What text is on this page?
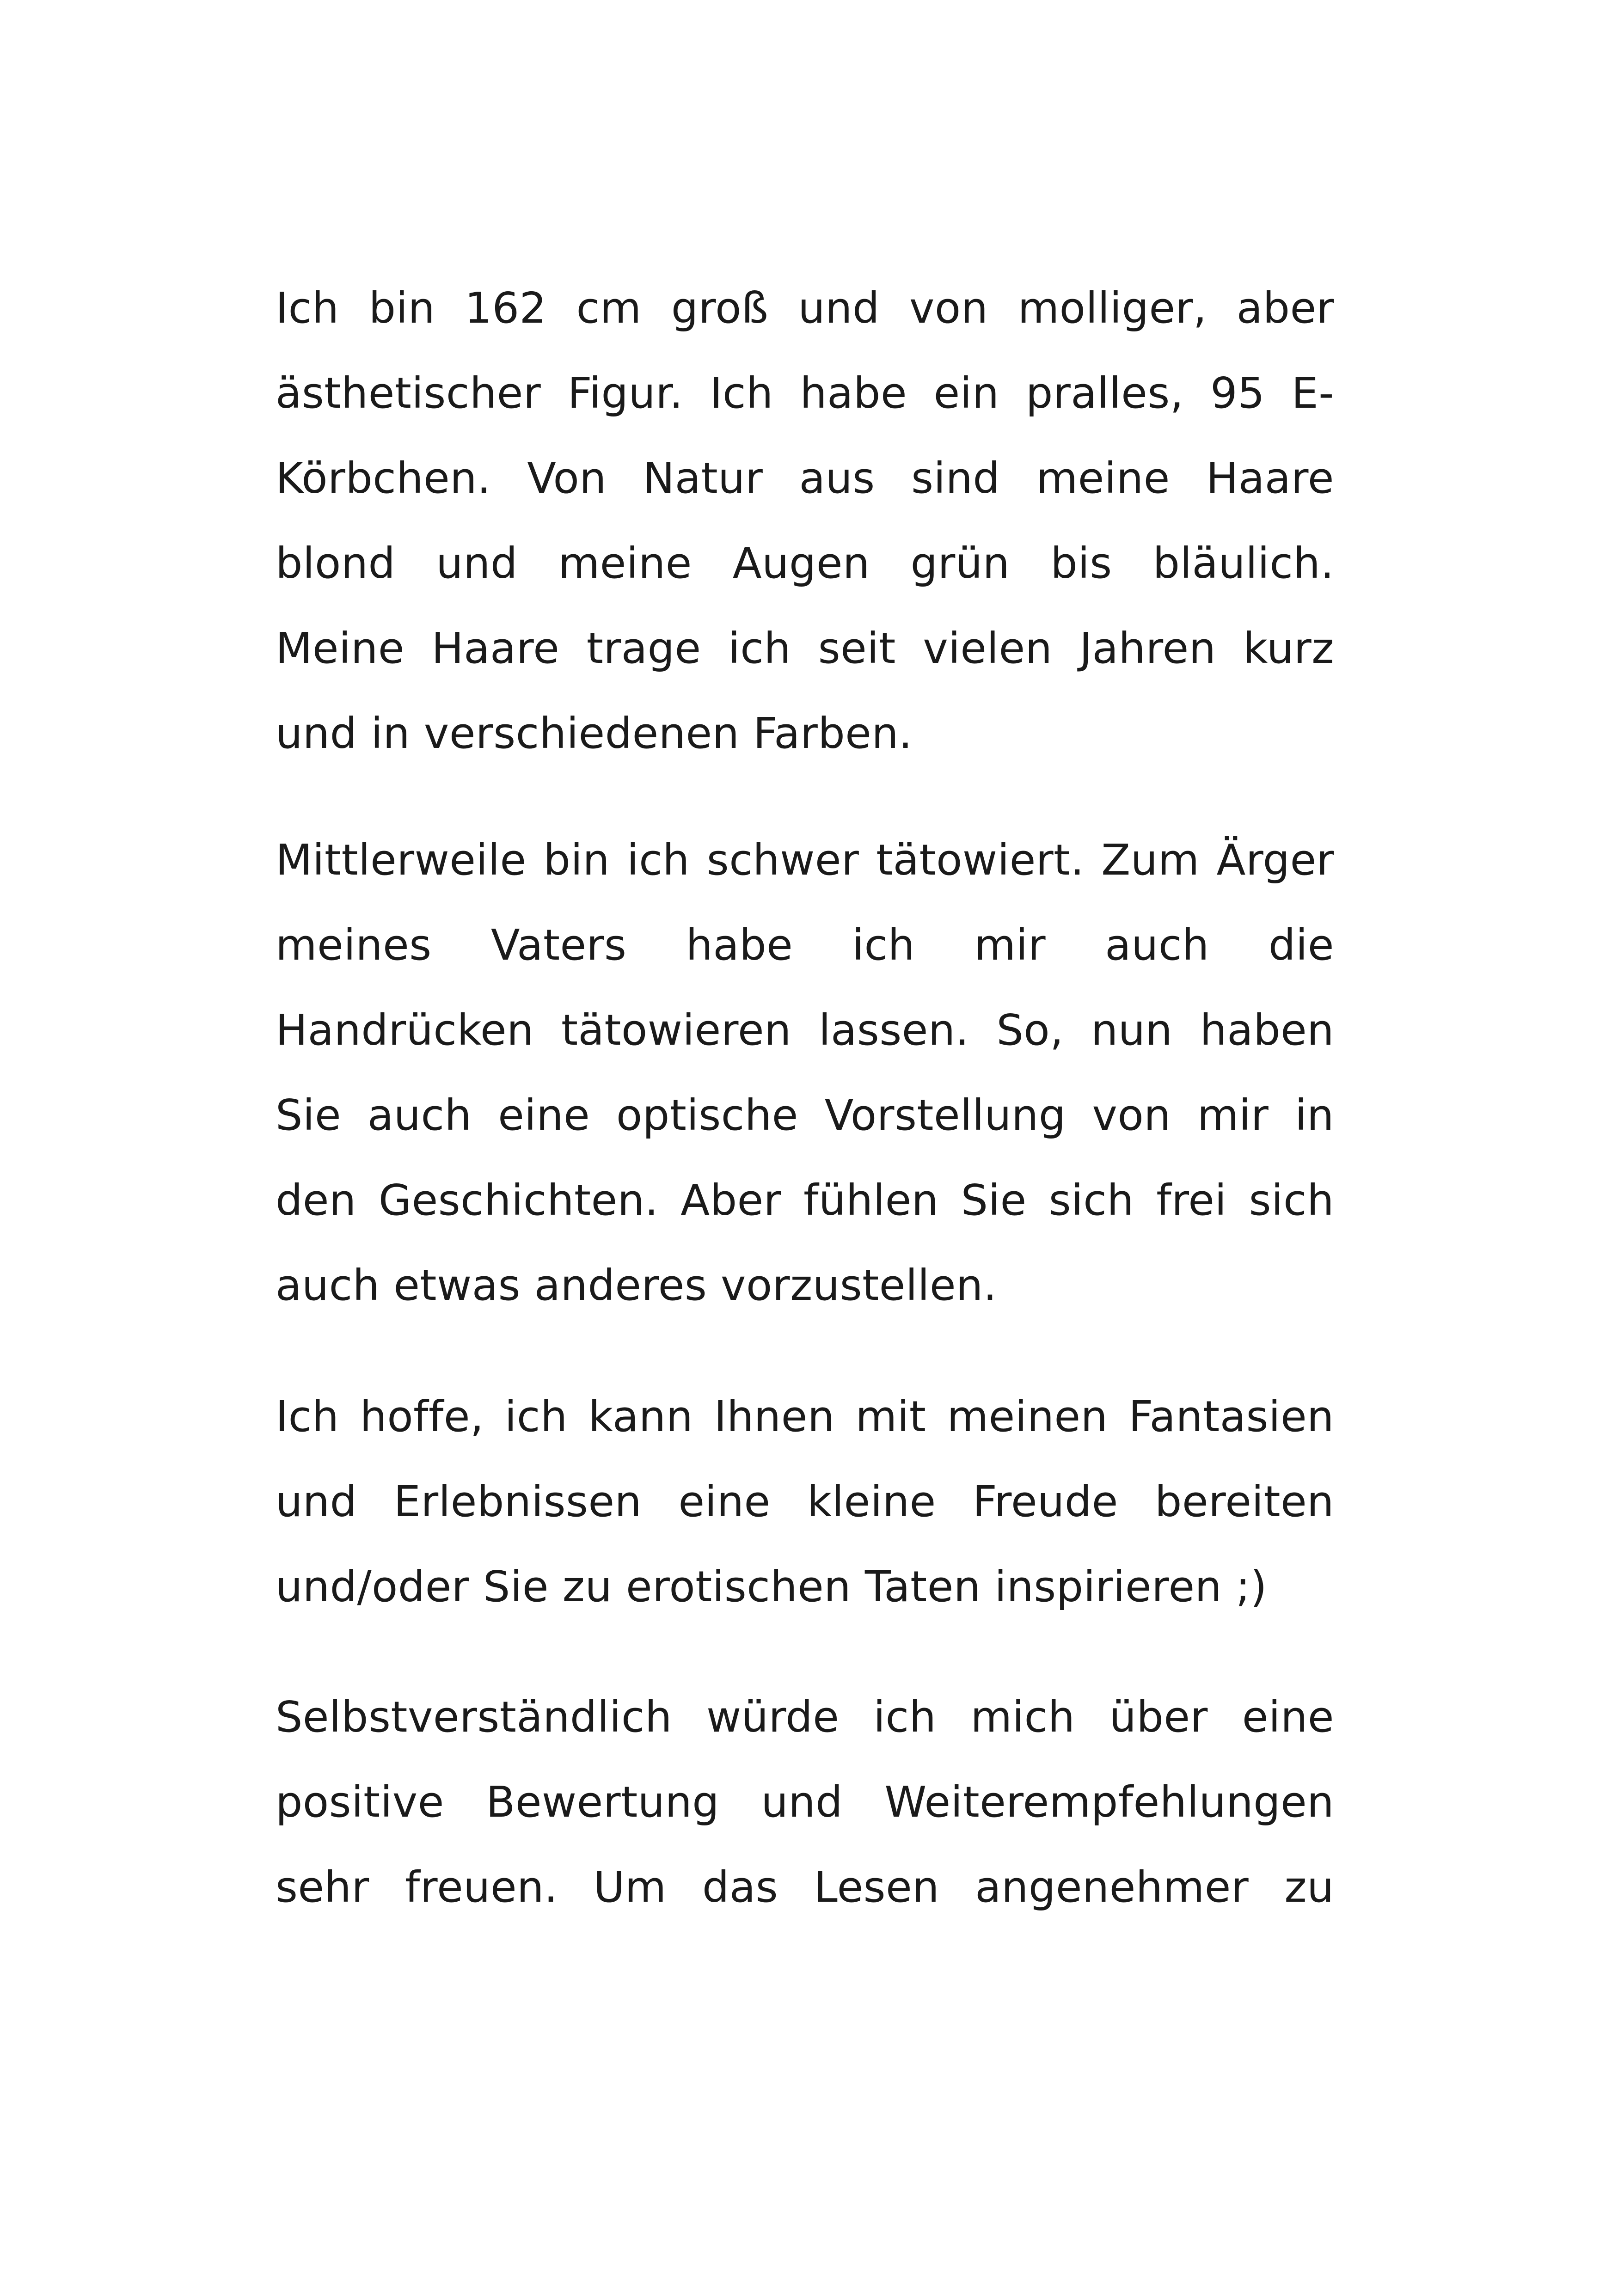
Ich bin 162 cm groß und von molliger, aber
ästhetischer Figur. Ich habe ein pralles, 95 E-
Körbchen. Von Natur aus sind meine Haare
blond und meine Augen grün bis bläulich.
Meine Haare trage ich seit vielen Jahren kurz
und in verschiedenen Farben.

Mittlerweile bin ich schwer tätowiert. Zum Ärger
meines Vaters habe ich mir auch die
Handrücken tätowieren lassen. So, nun haben
Sie auch eine optische Vorstellung von mir in
den Geschichten. Aber fühlen Sie sich frei sich
auch etwas anderes vorzustellen.

Ich hoffe, ich kann Ihnen mit meinen Fantasien
und Erlebnissen eine kleine Freude bereiten
und/oder Sie zu erotischen Taten inspirieren ;)

Selbstverständlich würde ich mich über eine
positive Bewertung und Weiterempfehlungen
sehr freuen. Um das Lesen angenehmer zu
